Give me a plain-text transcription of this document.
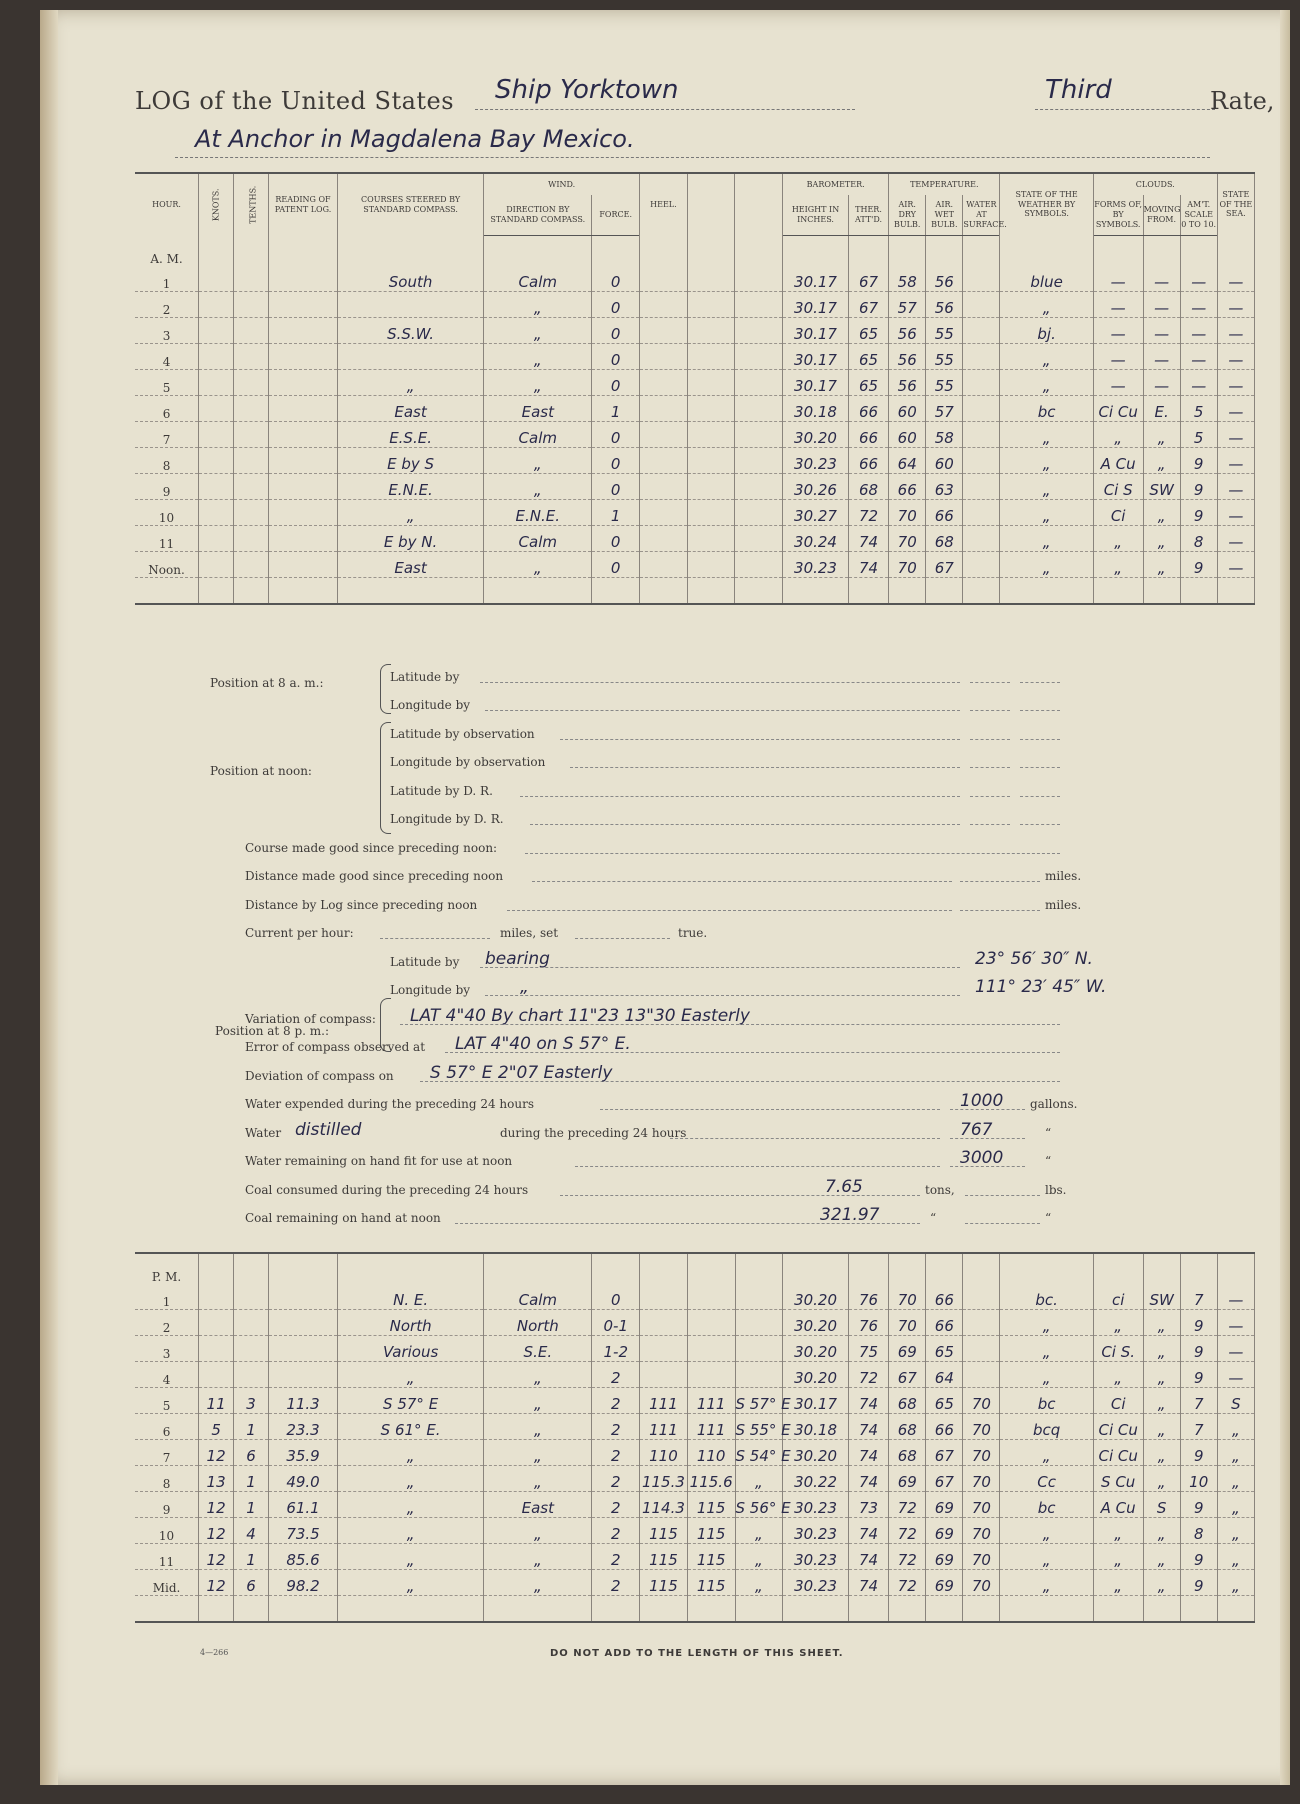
LOG of the United States	Ship Yorktown	Third	Rate,
At Anchor in Magdalena Bay Mexico.
HOUR.	KNOTS.	TENTHS.	READING OF PATENT LOG.	COURSES STEERED BY STANDARD COMPASS.	WIND.		HEEL.			BAROMETER.		TEMPERATURE.			STATE OF THE WEATHER BY SYMBOLS.	CLOUDS.			STATE OF THE SEA.
					DIRECTION BY STANDARD COMPASS.	FORCE.				HEIGHT IN INCHES.	THER. ATT'D.	AIR. DRY BULB.	AIR. WET BULB.	WATER AT SURFACE.		FORMS OF, BY SYMBOLS.	MOVING FROM.	AM'T. SCALE 0 TO 10.	
A. M.																			
1				South	Calm	0				30.17	67	58	56		blue	—	—	—	—
2					„	0				30.17	67	57	56		„	—	—	—	—
3				S.S.W.	„	0				30.17	65	56	55		bj.	—	—	—	—
4					„	0				30.17	65	56	55		„	—	—	—	—
5				„	„	0				30.17	65	56	55		„	—	—	—	—
6				East	East	1				30.18	66	60	57		bc	Ci Cu	E.	5	—
7				E.S.E.	Calm	0				30.20	66	60	58		„	„	„	5	—
8				E by S	„	0				30.23	66	64	60		„	A Cu	„	9	—
9				E.N.E.	„	0				30.26	68	66	63		„	Ci S	SW	9	—
10				„	E.N.E.	1				30.27	72	70	66		„	Ci	„	9	—
11				E by N.	Calm	0				30.24	74	70	68		„	„	„	8	—
Noon.				East	„	0				30.23	74	70	67		„	„	„	9	—

Position at 8 a. m.:	Latitude by
Longitude by
Position at noon:
Latitude by observation
Longitude by observation
Latitude by D. R.
Longitude by D. R.
Course made good since preceding noon:
Distance made good since preceding noon	miles.
Distance by Log since preceding noon	miles.
Current per hour:	miles, set	true.
Position at 8 p. m.:
Latitude by bearing	23° 56′ 30″ N.
Longitude by	„	111° 23′ 45″ W.
Variation of compass: LAT 4"40 By chart 11"23 13"30 Easterly
Error of compass observed at LAT 4"40 on S 57° E.
Deviation of compass on S 57° E 2"07 Easterly
Water expended during the preceding 24 hours	1000 gallons.
Water distilled	during the preceding 24 hours	767	“
Water remaining on hand fit for use at noon	3000	“
Coal consumed during the preceding 24 hours	7.65	tons,	lbs.
Coal remaining on hand at noon	321.97	“	“
P. M.																			
1				N. E.	Calm	0				30.20	76	70	66		bc.	ci	SW	7	—
2				North	North	0-1				30.20	76	70	66		„	„	„	9	—
3				Various	S.E.	1-2				30.20	75	69	65		„	Ci S.	„	9	—
4				„	„	2				30.20	72	67	64		„	„	„	9	—
5	11	3	11.3	S 57° E	„	2	111	111	S 57° E	30.17	74	68	65	70	bc	Ci	„	7	S
6	5	1	23.3	S 61° E.	„	2	111	111	S 55° E	30.18	74	68	66	70	bcq	Ci Cu	„	7	„
7	12	6	35.9	„	„	2	110	110	S 54° E	30.20	74	68	67	70	„	Ci Cu	„	9	„
8	13	1	49.0	„	„	2	115.3	115.6	„	30.22	74	69	67	70	Cc	S Cu	„	10	„
9	12	1	61.1	„	East	2	114.3	115	S 56° E	30.23	73	72	69	70	bc	A Cu	S	9	„
10	12	4	73.5	„	„	2	115	115	„	30.23	74	72	69	70	„	„	„	8	„
11	12	1	85.6	„	„	2	115	115	„	30.23	74	72	69	70	„	„	„	9	„
Mid.	12	6	98.2	„	„	2	115	115	„	30.23	74	72	69	70	„	„	„	9	„

4—266	DO NOT ADD TO THE LENGTH OF THIS SHEET.
